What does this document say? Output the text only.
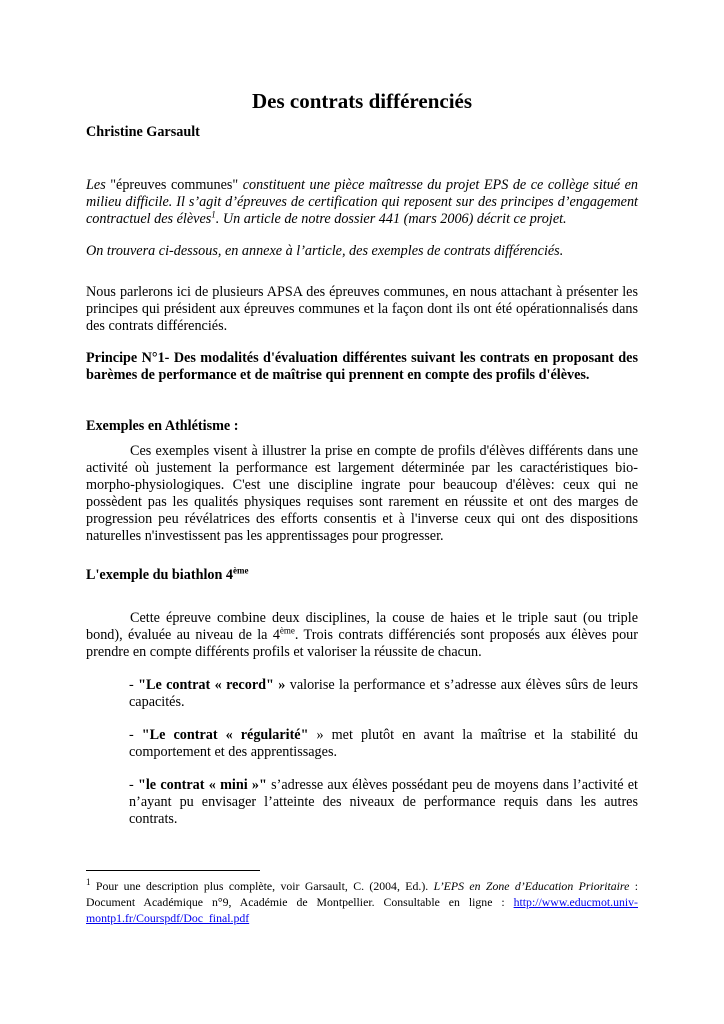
Des contrats différenciés

Christine Garsault

Les "épreuves communes" constituent une pièce maîtresse du projet EPS de ce collège situé en milieu difficile. Il s’agit d’épreuves de certification qui reposent sur des principes d’engagement contractuel des élèves$^1$. Un article de notre dossier 441 (mars 2006) décrit ce projet.

On trouvera ci-dessous, en annexe à l’article, des exemples de contrats différenciés.

Nous parlerons ici de plusieurs APSA des épreuves communes, en nous attachant à présenter les principes qui président aux épreuves communes et la façon dont ils ont été opérationnalisés dans des contrats différenciés.

Principe N°1- Des modalités d'évaluation différentes suivant les contrats en proposant des barèmes de performance et de maîtrise qui prennent en compte des profils d'élèves.

Exemples en Athlétisme :

Ces exemples visent à illustrer la prise en compte de profils d'élèves différents dans une activité où justement la performance est largement déterminée par les caractéristiques bio-morpho-physiologiques. C'est une discipline ingrate pour beaucoup d'élèves: ceux qui ne possèdent pas les qualités physiques requises sont rarement en réussite et ont des marges de progression peu révélatrices des efforts consentis et à l'inverse ceux qui ont des dispositions naturelles n'investissent pas les apprentissages pour progresser.

L'exemple du biathlon 4ème

Cette épreuve combine deux disciplines, la couse de haies et le triple saut (ou triple bond), évaluée au niveau de la 4ème. Trois contrats différenciés sont proposés aux élèves pour prendre en compte différents profils et valoriser la réussite de chacun.

- "Le contrat « record" » valorise la performance et s’adresse aux élèves sûrs de leurs capacités.

- "Le contrat « régularité" » met plutôt en avant la maîtrise et la stabilité du comportement et des apprentissages.

- "le contrat « mini »" s’adresse aux élèves possédant peu de moyens dans l’activité et n’ayant pu envisager l’atteinte des niveaux de performance requis dans les autres contrats.

$^1$ Pour une description plus complète, voir Garsault, C. (2004, Ed.). L’EPS en Zone d’Education Prioritaire : Document Académique n°9, Académie de Montpellier. Consultable en ligne : http://www.educmot.univ-montp1.fr/Courspdf/Doc_final.pdf
